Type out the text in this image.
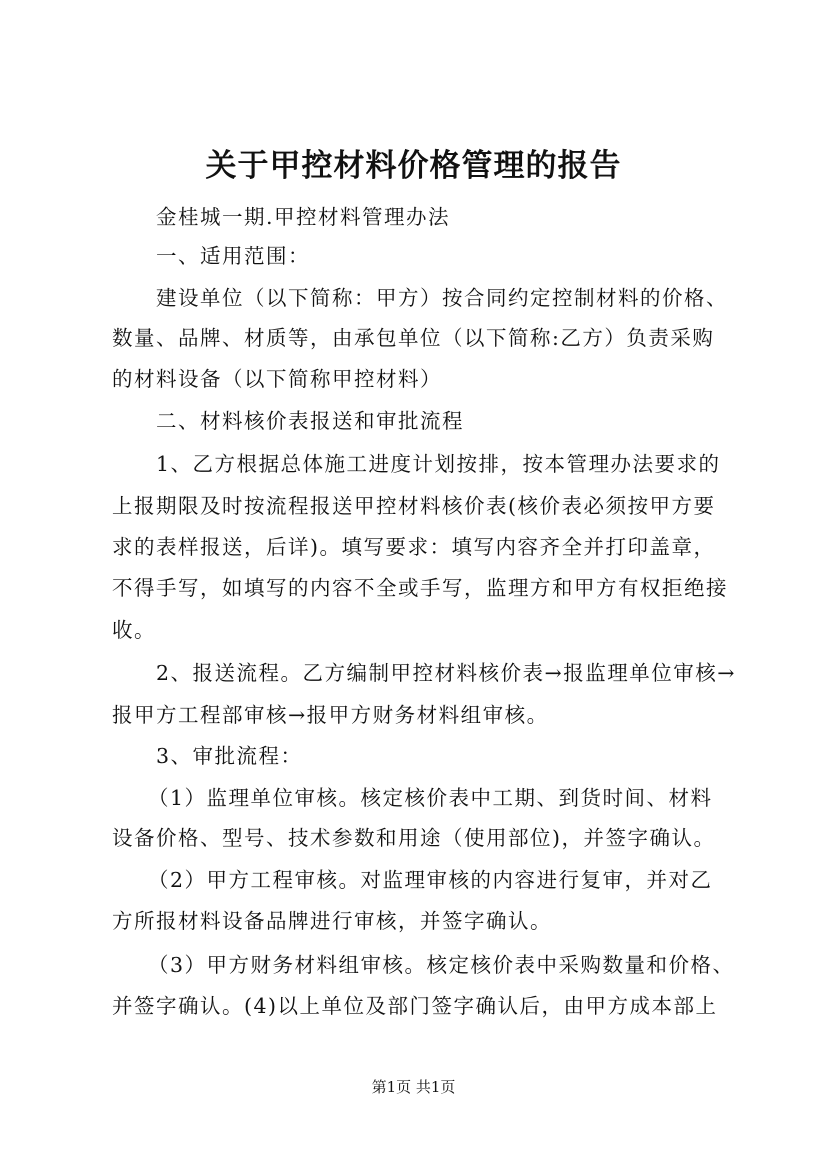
关于甲控材料价格管理的报告
金桂城一期.甲控材料管理办法
一、适用范围：
建设单位（以下简称：甲方）按合同约定控制材料的价格、
数量、品牌、材质等，由承包单位（以下简称:乙方）负责采购
的材料设备（以下简称甲控材料）
二、材料核价表报送和审批流程
1、乙方根据总体施工进度计划按排，按本管理办法要求的
上报期限及时按流程报送甲控材料核价表(核价表必须按甲方要
求的表样报送，后详)。填写要求：填写内容齐全并打印盖章，
不得手写，如填写的内容不全或手写，监理方和甲方有权拒绝接
收。
2、报送流程。乙方编制甲控材料核价表→报监理单位审核→
报甲方工程部审核→报甲方财务材料组审核。
3、审批流程：
（1）监理单位审核。核定核价表中工期、到货时间、材料
设备价格、型号、技术参数和用途（使用部位)，并签字确认。
（2）甲方工程审核。对监理审核的内容进行复审，并对乙
方所报材料设备品牌进行审核，并签字确认。
（3）甲方财务材料组审核。核定核价表中采购数量和价格、
并签字确认。(4)以上单位及部门签字确认后，由甲方成本部上
第1页 共1页
